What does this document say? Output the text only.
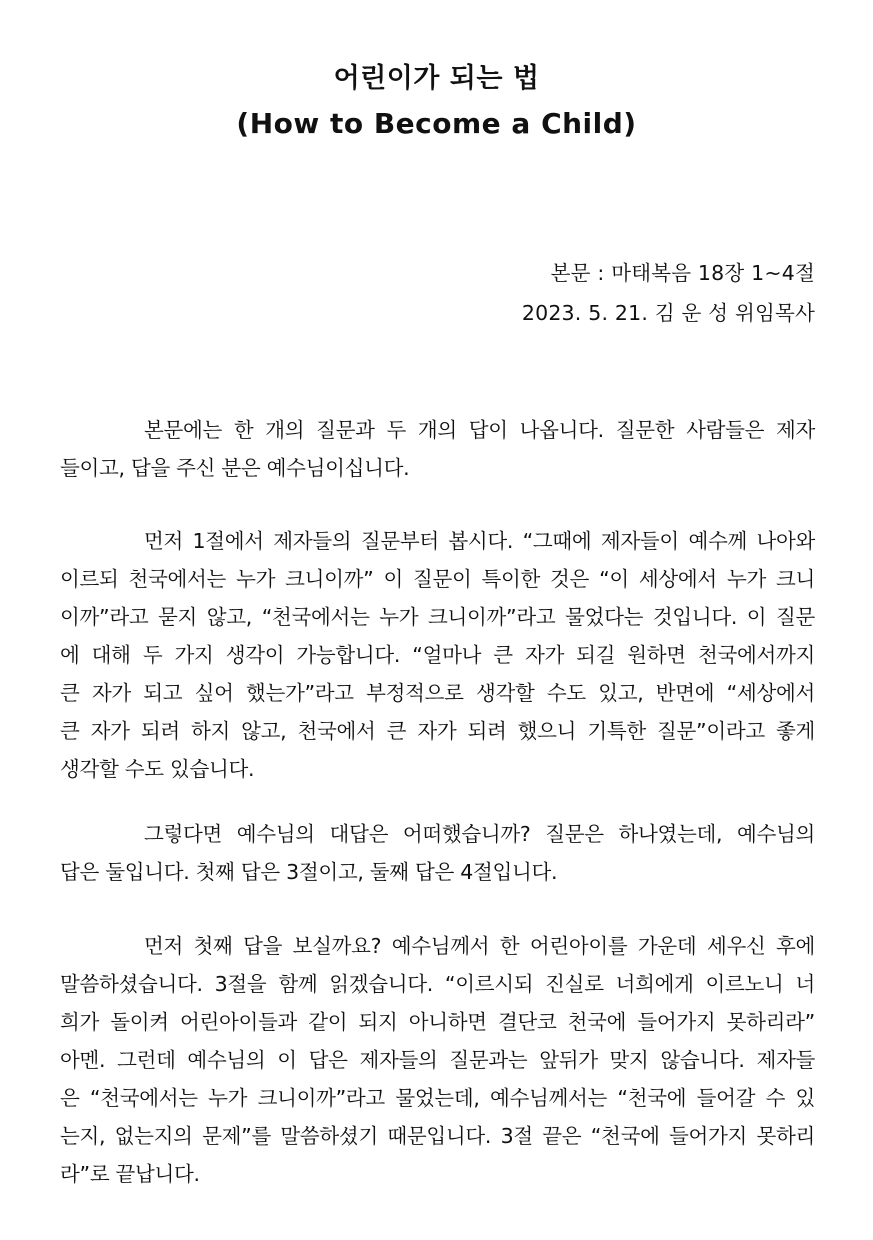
어린이가 되는 법
(How to Become a Child)
본문 : 마태복음 18장 1~4절
2023. 5. 21. 김 운 성 위임목사

본문에는 한 개의 질문과 두 개의 답이 나옵니다. 질문한 사람들은 제자
들이고, 답을 주신 분은 예수님이십니다.

먼저 1절에서 제자들의 질문부터 봅시다. “그때에 제자들이 예수께 나아와
이르되 천국에서는 누가 크니이까” 이 질문이 특이한 것은 “이 세상에서 누가 크니
이까”라고 묻지 않고, “천국에서는 누가 크니이까”라고 물었다는 것입니다. 이 질문
에 대해 두 가지 생각이 가능합니다. “얼마나 큰 자가 되길 원하면 천국에서까지
큰 자가 되고 싶어 했는가”라고 부정적으로 생각할 수도 있고, 반면에 “세상에서
큰 자가 되려 하지 않고, 천국에서 큰 자가 되려 했으니 기특한 질문”이라고 좋게
생각할 수도 있습니다.

그렇다면 예수님의 대답은 어떠했습니까? 질문은 하나였는데, 예수님의
답은 둘입니다. 첫째 답은 3절이고, 둘째 답은 4절입니다.

먼저 첫째 답을 보실까요? 예수님께서 한 어린아이를 가운데 세우신 후에
말씀하셨습니다. 3절을 함께 읽겠습니다. “이르시되 진실로 너희에게 이르노니 너
희가 돌이켜 어린아이들과 같이 되지 아니하면 결단코 천국에 들어가지 못하리라”
아멘. 그런데 예수님의 이 답은 제자들의 질문과는 앞뒤가 맞지 않습니다. 제자들
은 “천국에서는 누가 크니이까”라고 물었는데, 예수님께서는 “천국에 들어갈 수 있
는지, 없는지의 문제”를 말씀하셨기 때문입니다. 3절 끝은 “천국에 들어가지 못하리
라”로 끝납니다.
